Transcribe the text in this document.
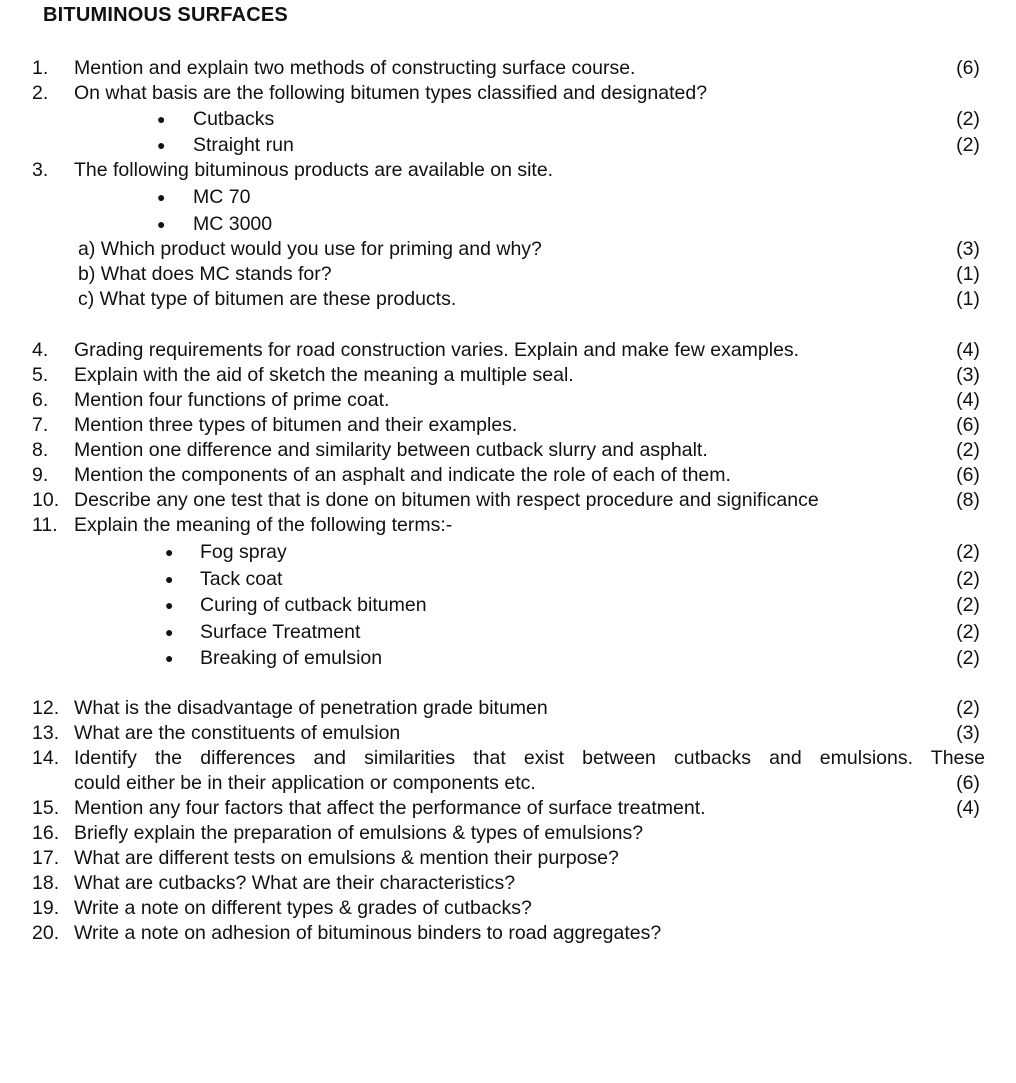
BITUMINOUS SURFACES
1. Mention and explain two methods of constructing surface course.	(6)
2. On what basis are the following bitumen types classified and designated?
● Cutbacks	(2)
● Straight run	(2)
3. The following bituminous products are available on site.
● MC 70
● MC 3000
a) Which product would you use for priming and why?	(3)
b) What does MC stands for?	(1)
c) What type of bitumen are these products.	(1)
4. Grading requirements for road construction varies. Explain and make few examples.	(4)
5. Explain with the aid of sketch the meaning a multiple seal.	(3)
6. Mention four functions of prime coat.	(4)
7. Mention three types of bitumen and their examples.	(6)
8. Mention one difference and similarity between cutback slurry and asphalt.	(2)
9. Mention the components of an asphalt and indicate the role of each of them.	(6)
10. Describe any one test that is done on bitumen with respect procedure and significance	(8)
11. Explain the meaning of the following terms:-
● Fog spray	(2)
● Tack coat	(2)
● Curing of cutback bitumen	(2)
● Surface Treatment	(2)
● Breaking of emulsion	(2)
12. What is the disadvantage of penetration grade bitumen	(2)
13. What are the constituents of emulsion	(3)
14. Identify the differences and similarities that exist between cutbacks and emulsions. These
could either be in their application or components etc.	(6)
15. Mention any four factors that affect the performance of surface treatment.	(4)
16. Briefly explain the preparation of emulsions & types of emulsions?
17. What are different tests on emulsions & mention their purpose?
18. What are cutbacks? What are their characteristics?
19. Write a note on different types & grades of cutbacks?
20. Write a note on adhesion of bituminous binders to road aggregates?
